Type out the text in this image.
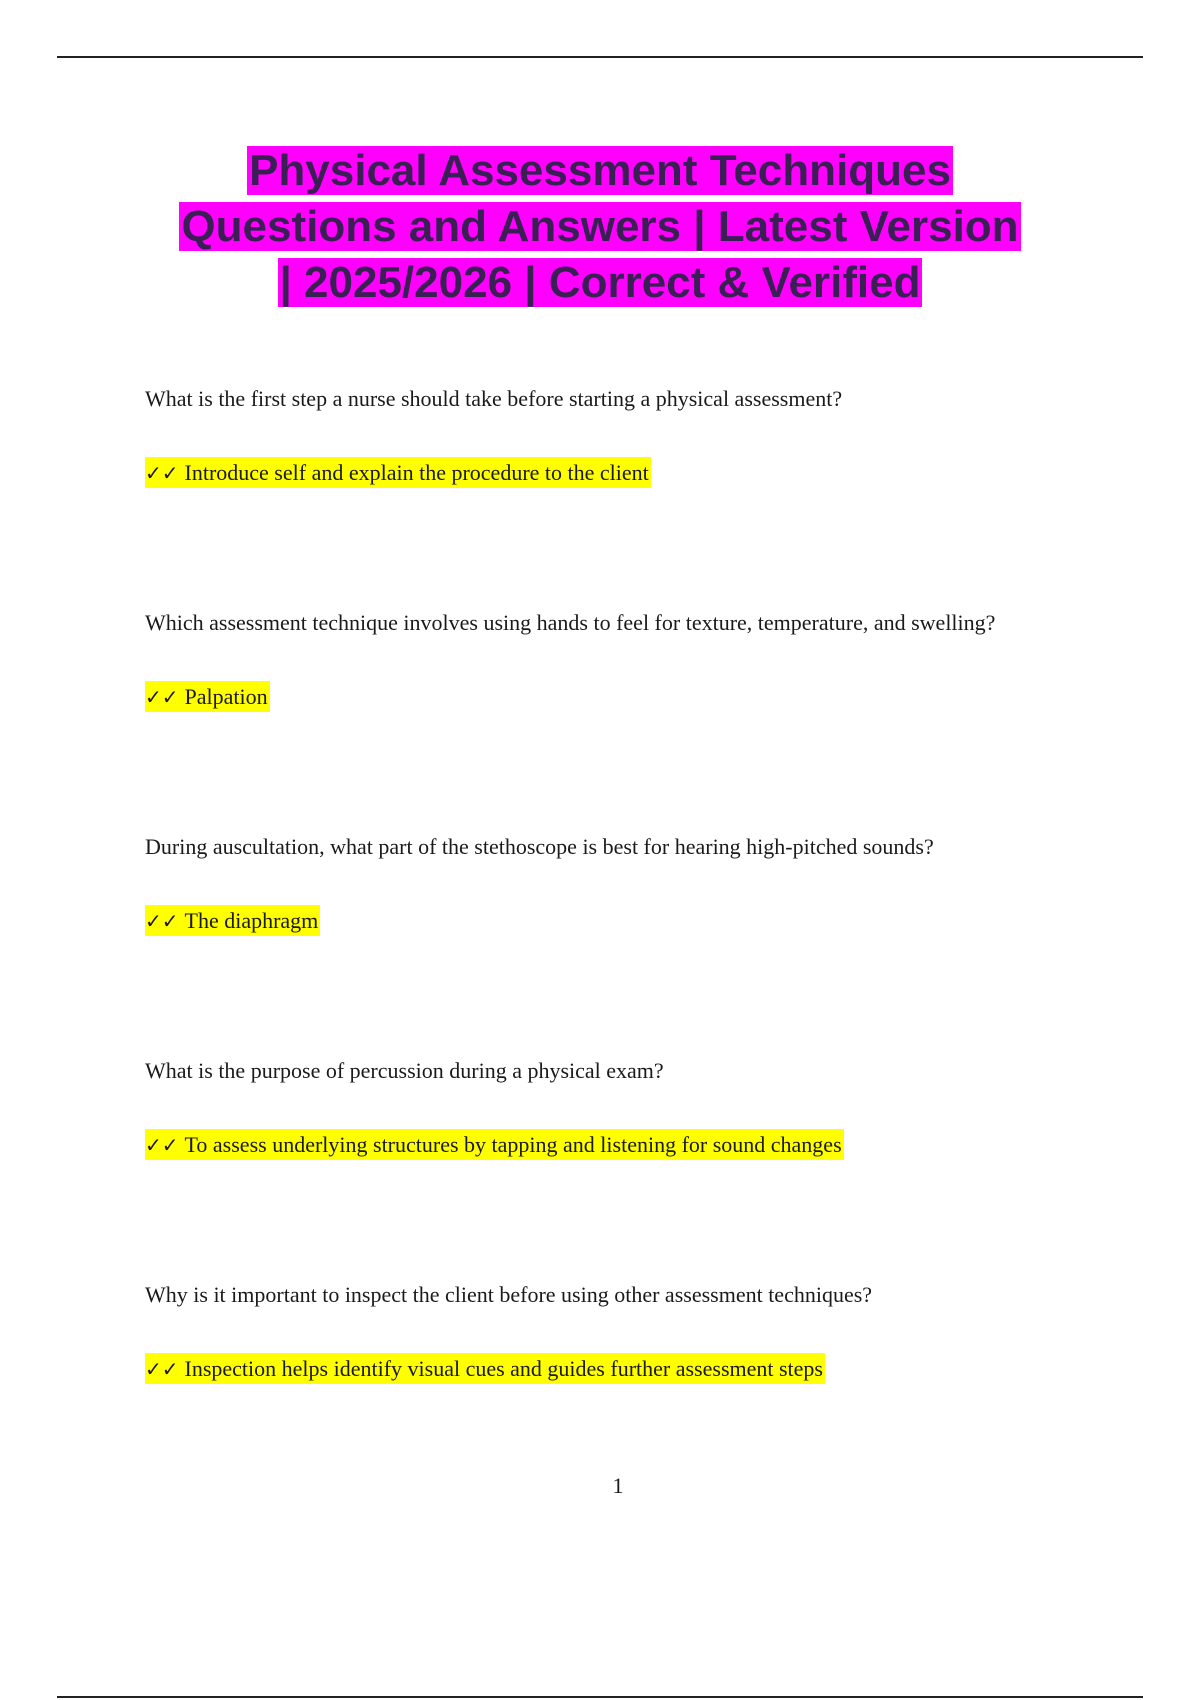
Physical Assessment Techniques
Questions and Answers | Latest Version
| 2025/2026 | Correct & Verified

What is the first step a nurse should take before starting a physical assessment?

✓✓ Introduce self and explain the procedure to the client

Which assessment technique involves using hands to feel for texture, temperature, and swelling?

✓✓ Palpation

During auscultation, what part of the stethoscope is best for hearing high-pitched sounds?

✓✓ The diaphragm

What is the purpose of percussion during a physical exam?

✓✓ To assess underlying structures by tapping and listening for sound changes

Why is it important to inspect the client before using other assessment techniques?

✓✓ Inspection helps identify visual cues and guides further assessment steps

1
